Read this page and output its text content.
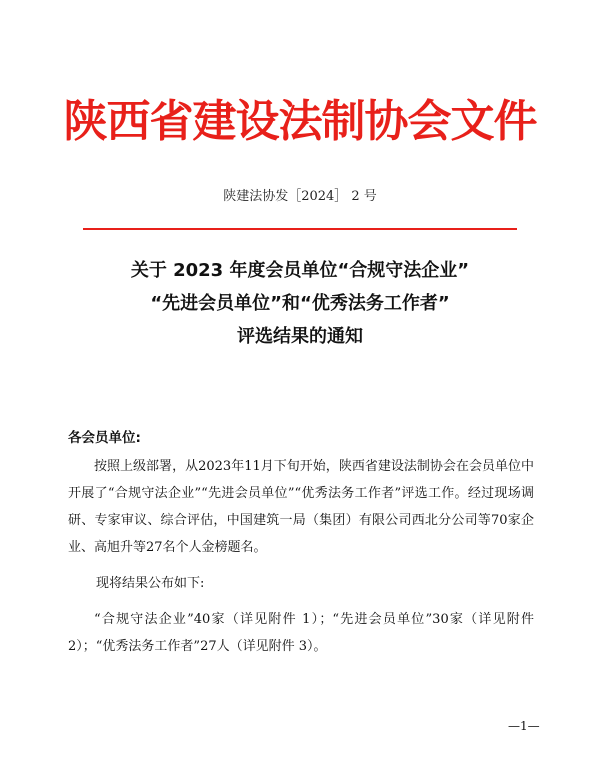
陕西省建设法制协会文件
陕建法协发［2024］ 2 号
关于 2023 年度会员单位“合规守法企业”
“先进会员单位”和“优秀法务工作者”
评选结果的通知
各会员单位:
按照上级部署，从2023年11月下旬开始，陕西省建设法制协会在会员单位中开展了“合规守法企业”“先进会员单位”“优秀法务工作者”评选工作。经过现场调研、专家审议、综合评估，中国建筑一局（集团）有限公司西北分公司等70家企业、高旭升等27名个人金榜题名。
现将结果公布如下:
“合规守法企业”40家（详见附件 1）；“先进会员单位”30家（详见附件 2）；“优秀法务工作者”27人（详见附件 3）。
—1—
